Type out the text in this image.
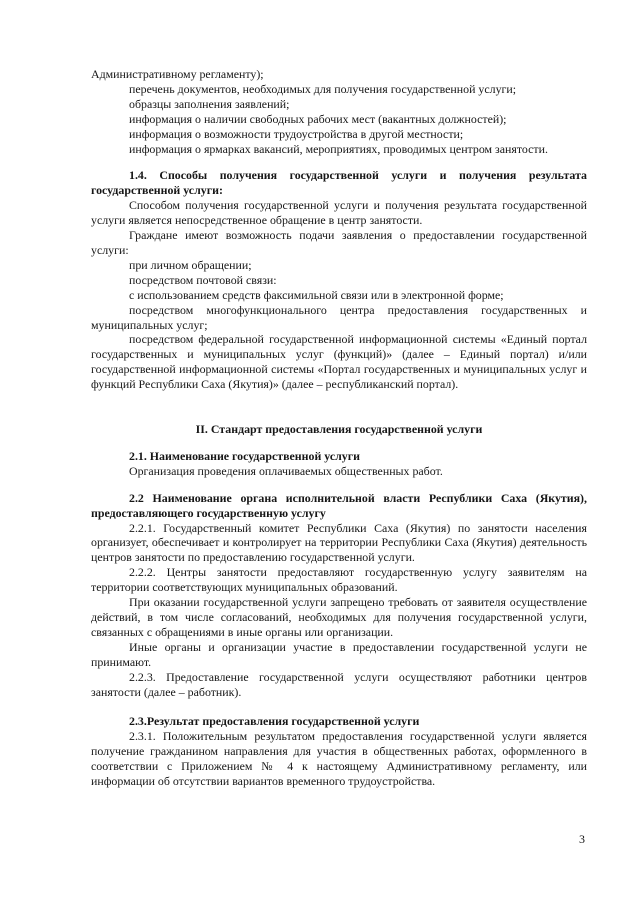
Административному регламенту);

перечень документов, необходимых для получения государственной услуги;

образцы заполнения заявлений;

информация о наличии свободных рабочих мест (вакантных должностей);

информация о возможности трудоустройства в другой местности;

информация о ярмарках вакансий, мероприятиях, проводимых центром занятости.

1.4. Способы получения государственной услуги и получения результата государственной услуги:

Способом получения государственной услуги и получения результата государственной услуги является непосредственное обращение в центр занятости.

Граждане имеют возможность подачи заявления о предоставлении государственной услуги:

при личном обращении;

посредством почтовой связи:

с использованием средств факсимильной связи или в электронной форме;

посредством многофункционального центра предоставления государственных и муниципальных услуг;

посредством федеральной государственной информационной системы «Единый портал государственных и муниципальных услуг (функций)» (далее – Единый портал) и/или государственной информационной системы «Портал государственных и муниципальных услуг и функций Республики Саха (Якутия)» (далее – республиканский портал).

II. Стандарт предоставления государственной услуги

2.1. Наименование государственной услуги

Организация проведения оплачиваемых общественных работ.

2.2 Наименование органа исполнительной власти Республики Саха (Якутия), предоставляющего государственную услугу

2.2.1. Государственный комитет Республики Саха (Якутия) по занятости населения организует, обеспечивает и контролирует на территории Республики Саха (Якутия) деятельность центров занятости по предоставлению государственной услуги.

2.2.2. Центры занятости предоставляют государственную услугу заявителям на территории соответствующих муниципальных образований.

При оказании государственной услуги запрещено требовать от заявителя осуществление действий, в том числе согласований, необходимых для получения государственной услуги, связанных с обращениями в иные органы или организации.

Иные органы и организации участие в предоставлении государственной услуги не принимают.

2.2.3. Предоставление государственной услуги осуществляют работники центров занятости (далее – работник).

2.3.Результат предоставления государственной услуги

2.3.1. Положительным результатом предоставления государственной услуги является получение гражданином направления для участия в общественных работах, оформленного в соответствии с Приложением № 4 к настоящему Административному регламенту, или информации об отсутствии вариантов временного трудоустройства.

3
